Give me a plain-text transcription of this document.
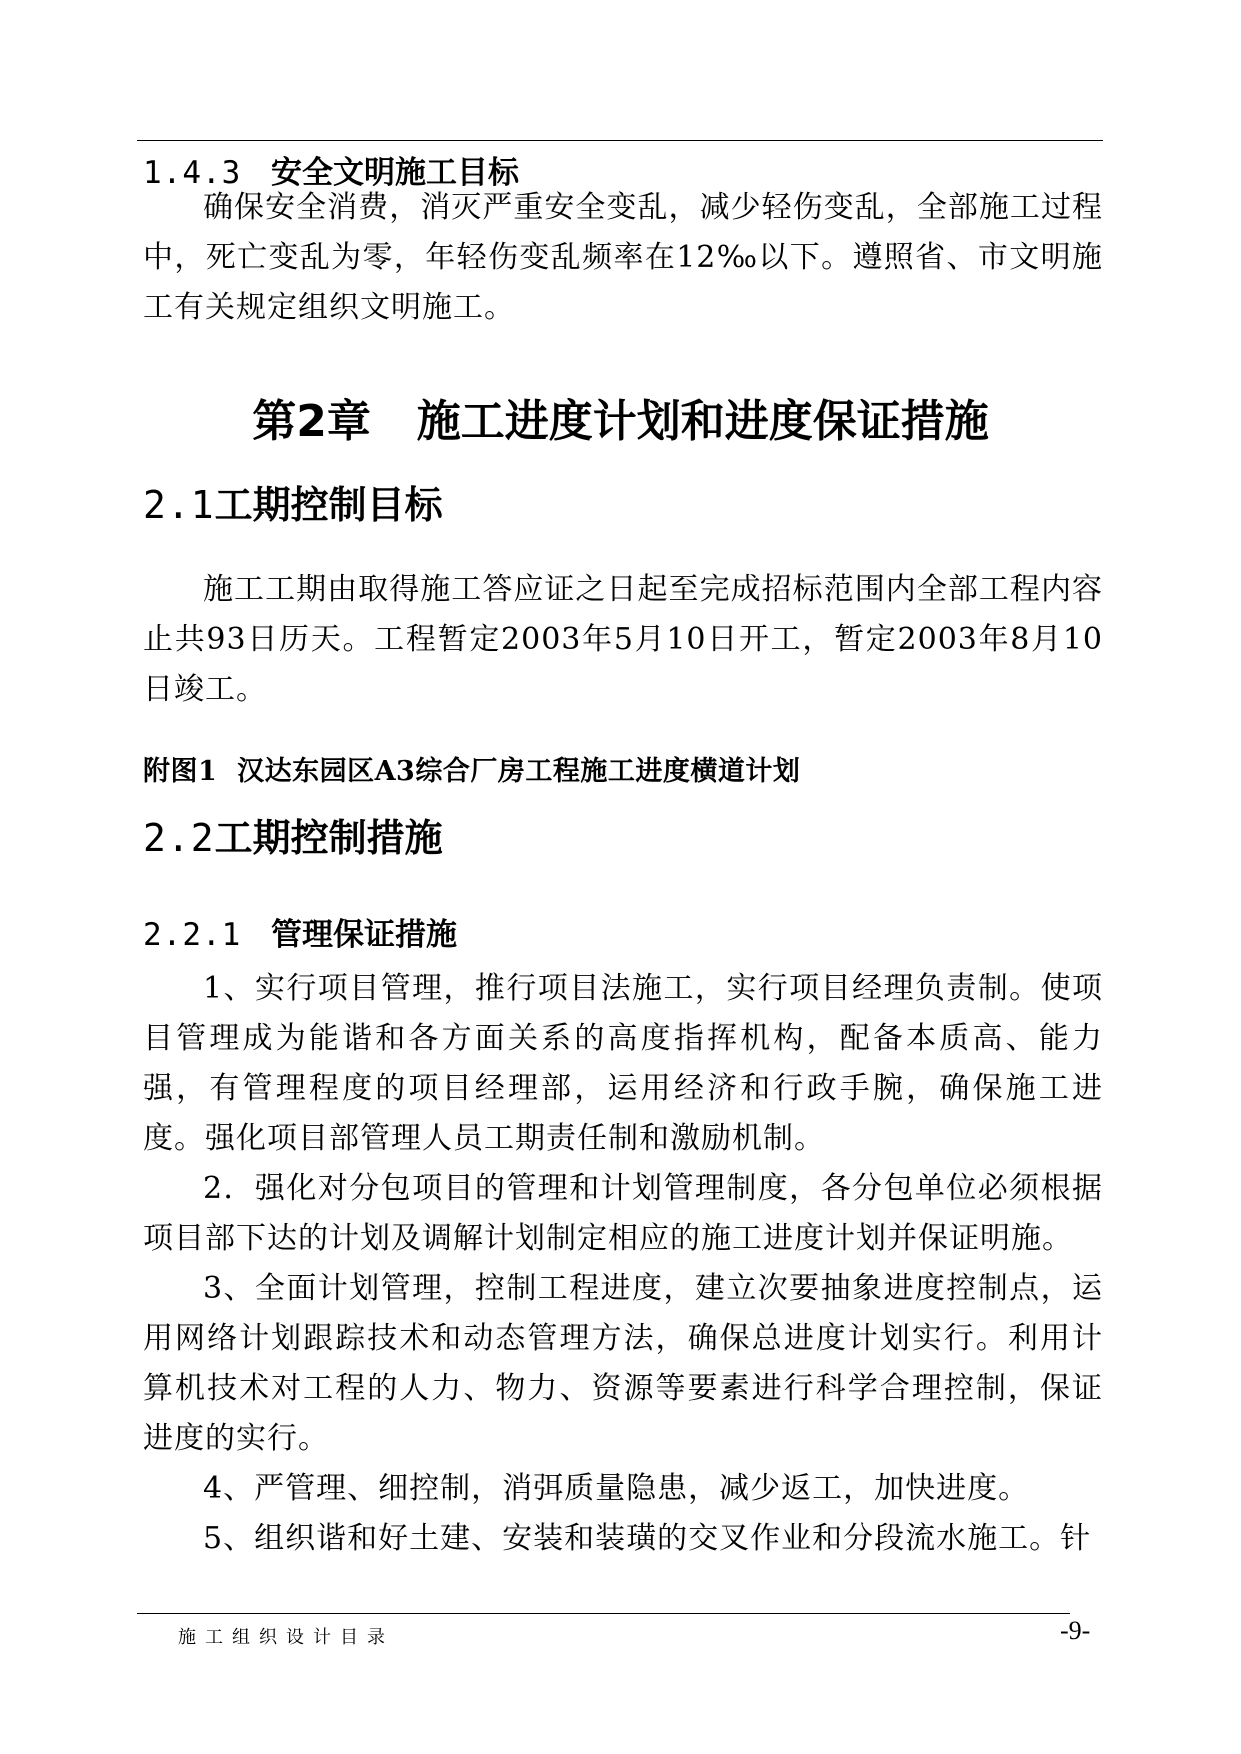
1.4.3 安全文明施工目标
确保安全消费，消灭严重安全变乱，减少轻伤变乱，全部施工过程中，死亡变乱为零，年轻伤变乱频率在12‰以下。遵照省、市文明施工有关规定组织文明施工。
第2章 施工进度计划和进度保证措施
2.1工期控制目标
施工工期由取得施工答应证之日起至完成招标范围内全部工程内容止共93日历天。工程暂定2003年5月10日开工，暂定2003年8月10日竣工。
附图1 汉达东园区A3综合厂房工程施工进度横道计划
2.2工期控制措施
2.2.1 管理保证措施
1、实行项目管理，推行项目法施工，实行项目经理负责制。使项目管理成为能谐和各方面关系的高度指挥机构，配备本质高、能力强，有管理程度的项目经理部，运用经济和行政手腕，确保施工进度。强化项目部管理人员工期责任制和激励机制。
2．强化对分包项目的管理和计划管理制度，各分包单位必须根据项目部下达的计划及调解计划制定相应的施工进度计划并保证明施。
3、全面计划管理，控制工程进度，建立次要抽象进度控制点，运用网络计划跟踪技术和动态管理方法，确保总进度计划实行。利用计算机技术对工程的人力、物力、资源等要素进行科学合理控制，保证进度的实行。
4、严管理、细控制，消弭质量隐患，减少返工，加快进度。
5、组织谐和好土建、安装和装璜的交叉作业和分段流水施工。针
施工组织设计目录	-9-
